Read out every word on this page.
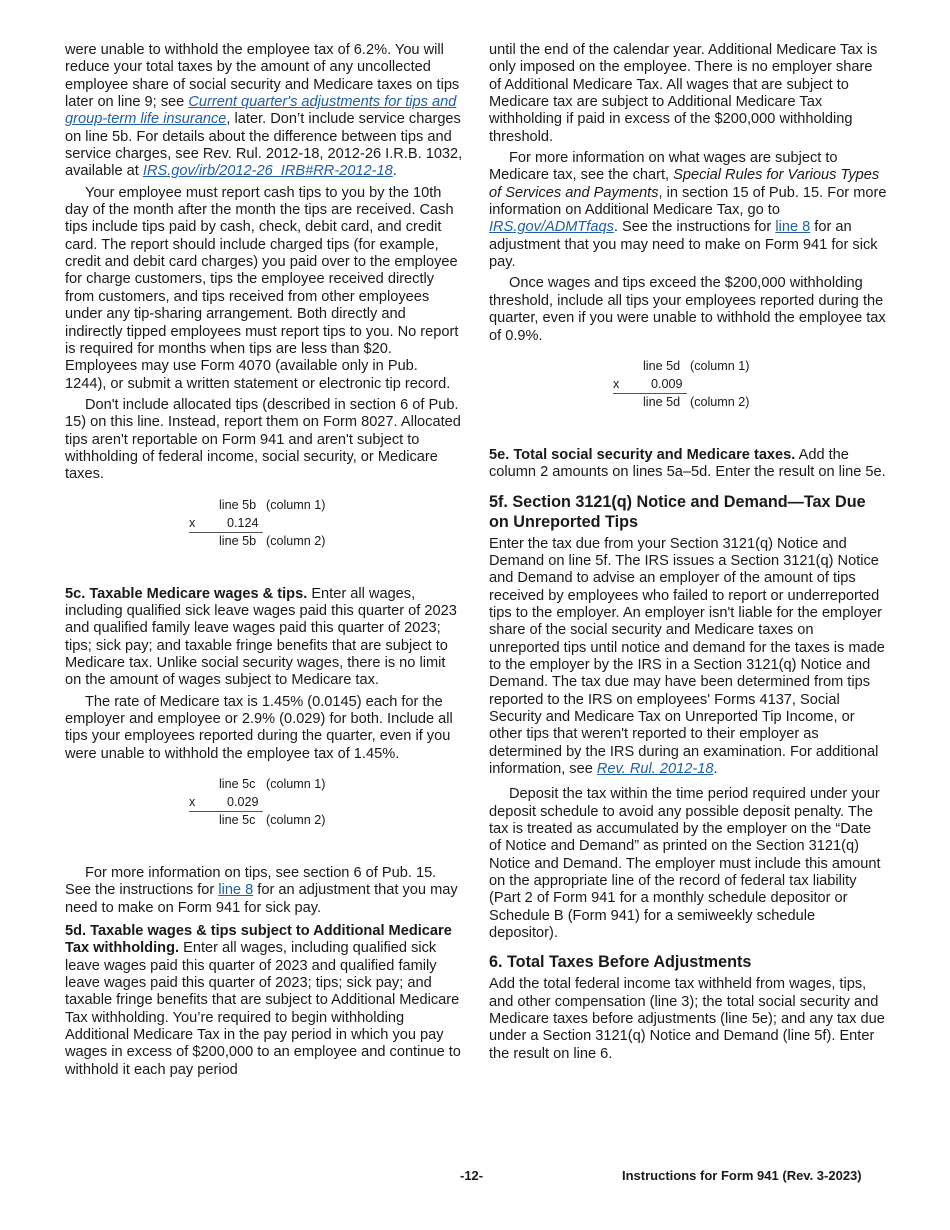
were unable to withhold the employee tax of 6.2%. You will reduce your total taxes by the amount of any uncollected employee share of social security and Medicare taxes on tips later on line 9; see Current quarter's adjustments for tips and group-term life insurance, later. Don’t include service charges on line 5b. For details about the difference between tips and service charges, see Rev. Rul. 2012-18, 2012-26 I.R.B. 1032, available at IRS.gov/irb/2012-26_IRB#RR-2012-18.

Your employee must report cash tips to you by the 10th day of the month after the month the tips are received. Cash tips include tips paid by cash, check, debit card, and credit card. The report should include charged tips (for example, credit and debit card charges) you paid over to the employee for charge customers, tips the employee received directly from customers, and tips received from other employees under any tip-sharing arrangement. Both directly and indirectly tipped employees must report tips to you. No report is required for months when tips are less than $20. Employees may use Form 4070 (available only in Pub. 1244), or submit a written statement or electronic tip record.

Don't include allocated tips (described in section 6 of Pub. 15) on this line. Instead, report them on Form 8027. Allocated tips aren't reportable on Form 941 and aren't subject to withholding of federal income, social security, or Medicare taxes.

line 5b (column 1)
x	0.124
line 5b (column 2)

5c. Taxable Medicare wages & tips. Enter all wages, including qualified sick leave wages paid this quarter of 2023 and qualified family leave wages paid this quarter of 2023; tips; sick pay; and taxable fringe benefits that are subject to Medicare tax. Unlike social security wages, there is no limit on the amount of wages subject to Medicare tax.

The rate of Medicare tax is 1.45% (0.0145) each for the employer and employee or 2.9% (0.029) for both. Include all tips your employees reported during the quarter, even if you were unable to withhold the employee tax of 1.45%.

line 5c (column 1)
x	0.029
line 5c (column 2)

For more information on tips, see section 6 of Pub. 15. See the instructions for line 8 for an adjustment that you may need to make on Form 941 for sick pay.

5d. Taxable wages & tips subject to Additional Medicare Tax withholding. Enter all wages, including qualified sick leave wages paid this quarter of 2023 and qualified family leave wages paid this quarter of 2023; tips; sick pay; and taxable fringe benefits that are subject to Additional Medicare Tax withholding. You’re required to begin withholding Additional Medicare Tax in the pay period in which you pay wages in excess of $200,000 to an employee and continue to withhold it each pay period

until the end of the calendar year. Additional Medicare Tax is only imposed on the employee. There is no employer share of Additional Medicare Tax. All wages that are subject to Medicare tax are subject to Additional Medicare Tax withholding if paid in excess of the $200,000 withholding threshold.

For more information on what wages are subject to Medicare tax, see the chart, Special Rules for Various Types of Services and Payments, in section 15 of Pub. 15. For more information on Additional Medicare Tax, go to IRS.gov/ADMTfaqs. See the instructions for line 8 for an adjustment that you may need to make on Form 941 for sick pay.

Once wages and tips exceed the $200,000 withholding threshold, include all tips your employees reported during the quarter, even if you were unable to withhold the employee tax of 0.9%.

line 5d (column 1)
x	0.009
line 5d (column 2)

5e. Total social security and Medicare taxes. Add the column 2 amounts on lines 5a–5d. Enter the result on line 5e.

5f. Section 3121(q) Notice and Demand—Tax Due on Unreported Tips

Enter the tax due from your Section 3121(q) Notice and Demand on line 5f. The IRS issues a Section 3121(q) Notice and Demand to advise an employer of the amount of tips received by employees who failed to report or underreported tips to the employer. An employer isn't liable for the employer share of the social security and Medicare taxes on unreported tips until notice and demand for the taxes is made to the employer by the IRS in a Section 3121(q) Notice and Demand. The tax due may have been determined from tips reported to the IRS on employees' Forms 4137, Social Security and Medicare Tax on Unreported Tip Income, or other tips that weren't reported to their employer as determined by the IRS during an examination. For additional information, see Rev. Rul. 2012-18.

Deposit the tax within the time period required under your deposit schedule to avoid any possible deposit penalty. The tax is treated as accumulated by the employer on the “Date of Notice and Demand” as printed on the Section 3121(q) Notice and Demand. The employer must include this amount on the appropriate line of the record of federal tax liability (Part 2 of Form 941 for a monthly schedule depositor or Schedule B (Form 941) for a semiweekly schedule depositor).

6. Total Taxes Before Adjustments

Add the total federal income tax withheld from wages, tips, and other compensation (line 3); the total social security and Medicare taxes before adjustments (line 5e); and any tax due under a Section 3121(q) Notice and Demand (line 5f). Enter the result on line 6.

-12-	Instructions for Form 941 (Rev. 3-2023)
